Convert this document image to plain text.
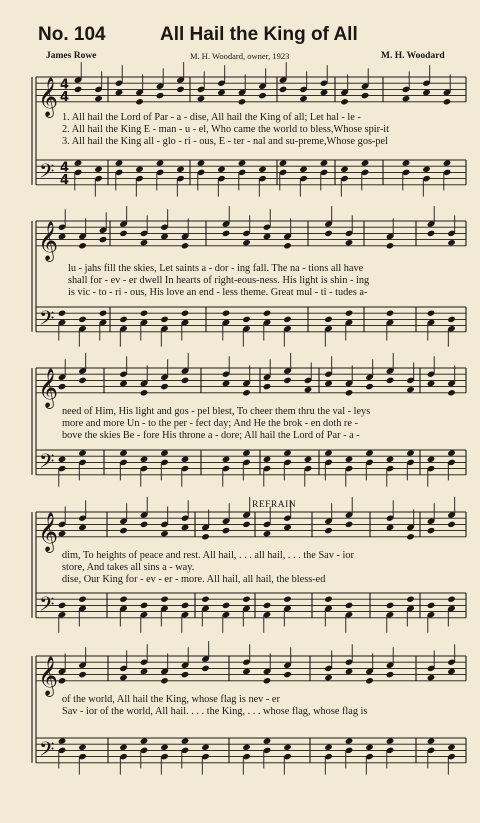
No. 104	All Hail the King of All
James Rowe	M. H. Woodard, owner, 1923	M. H. Woodard
𝄞
𝄢
4
4
4
4
𝄞
𝄢
𝄞
𝄢
𝄞
𝄢
𝄞
𝄢
REFRAIN
1. All hail the Lord of Par - a - dise, All hail the King of all; Let hal - le -
2. All hail the King E - man - u - el, Who came the world to bless,Whose spir-it
3. All hail the King all - glo - ri - ous, E - ter - nal and su-preme,Whose gos-pel
lu - jahs fill the skies, Let saints a - dor - ing fall. The na - tions all have
shall for - ev - er dwell In hearts of right-eous-ness. His light is shin - ing
is vic - to - ri - ous, His love an end - less theme. Great mul - ti - tudes a-
need of Him, His light and gos - pel blest, To cheer them thru the val - leys
more and more Un - to the per - fect day; And He the brok - en doth re -
bove the skies Be - fore His throne a - dore; All hail the Lord of Par - a -
dim, To heights of peace and rest. All hail, . . . all hail, . . . the Sav - ior
store, And takes all sins a - way.
dise, Our King for - ev - er - more. All hail, all hail, the bless-ed
of the world, All hail the King, whose flag is nev - er
Sav - ior of the world, All hail. . . . the King, . . . whose flag, whose flag is
